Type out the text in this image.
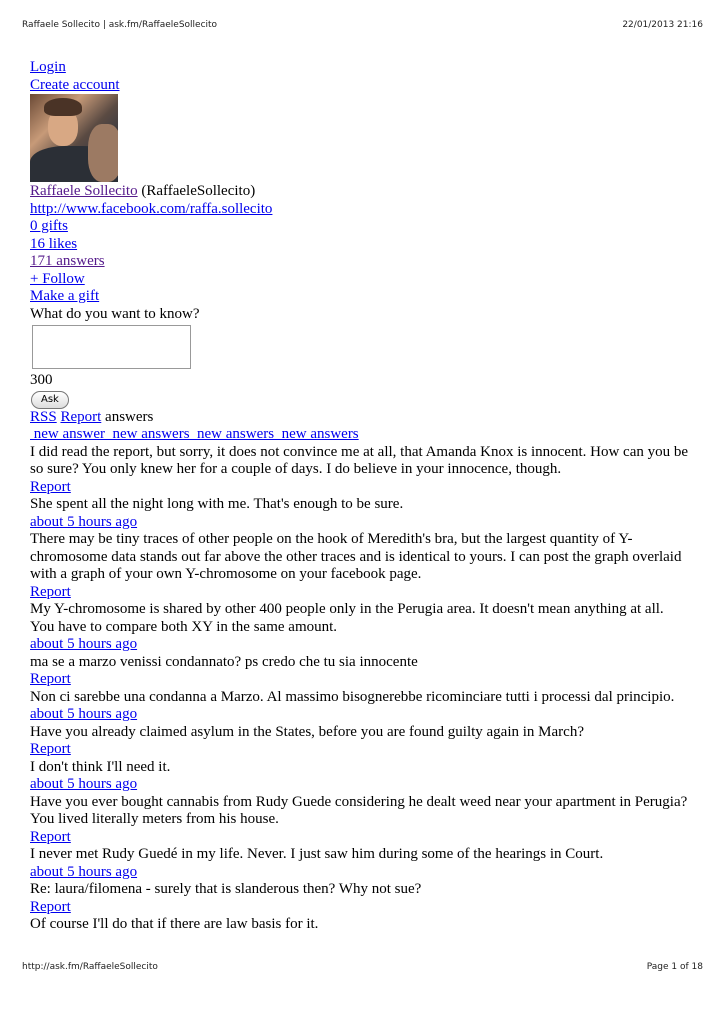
Raffaele Sollecito | ask.fm/RaffaeleSollecito	22/01/2013 21:16
Login
Create account
Raffaele Sollecito (RaffaeleSollecito)
http://www.facebook.com/raffa.sollecito
0 gifts
16 likes
171 answers
+ Follow
Make a gift
What do you want to know?
300
Ask
RSS Report answers
new answer  new answers  new answers  new answers
I did read the report, but sorry, it does not convince me at all, that Amanda Knox is innocent. How can you be so sure? You only knew her for a couple of days. I do believe in your innocence, though.
Report
She spent all the night long with me. That's enough to be sure.
about 5 hours ago
There may be tiny traces of other people on the hook of Meredith's bra, but the largest quantity of Y-chromosome data stands out far above the other traces and is identical to yours. I can post the graph overlaid with a graph of your own Y-chromosome on your facebook page.
Report
My Y-chromosome is shared by other 400 people only in the Perugia area. It doesn't mean anything at all. You have to compare both XY in the same amount.
about 5 hours ago
ma se a marzo venissi condannato? ps credo che tu sia innocente
Report
Non ci sarebbe una condanna a Marzo. Al massimo bisognerebbe ricominciare tutti i processi dal principio.
about 5 hours ago
Have you already claimed asylum in the States, before you are found guilty again in March?
Report
I don't think I'll need it.
about 5 hours ago
Have you ever bought cannabis from Rudy Guede considering he dealt weed near your apartment in Perugia? You lived literally meters from his house.
Report
I never met Rudy Guedé in my life. Never. I just saw him during some of the hearings in Court.
about 5 hours ago
Re: laura/filomena - surely that is slanderous then? Why not sue?
Report
Of course I'll do that if there are law basis for it.
http://ask.fm/RaffaeleSollecito	Page 1 of 18
